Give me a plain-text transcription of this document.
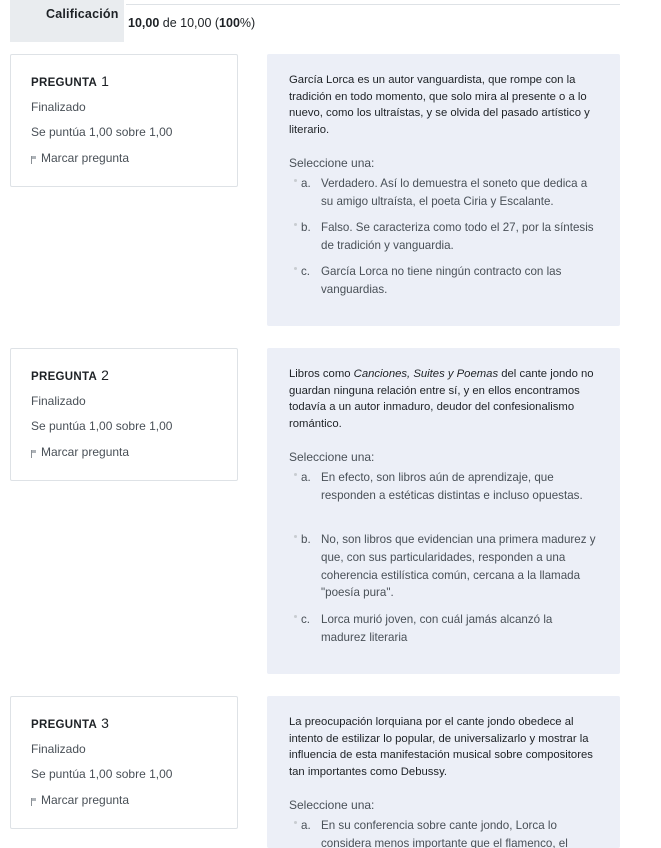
Calificación
10,00 de 10,00 (100%)
PREGUNTA 1
Finalizado
Se puntúa 1,00 sobre 1,00
Marcar pregunta
García Lorca es un autor vanguardista, que rompe con la tradición en todo momento, que solo mira al presente o a lo nuevo, como los ultraístas, y se olvida del pasado artístico y literario.
Seleccione una:
a. Verdadero. Así lo demuestra el soneto que dedica a su amigo ultraísta, el poeta Ciria y Escalante.
b. Falso. Se caracteriza como todo el 27, por la síntesis de tradición y vanguardia.
c. García Lorca no tiene ningún contracto con las vanguardias.
PREGUNTA 2
Finalizado
Se puntúa 1,00 sobre 1,00
Marcar pregunta
Libros como Canciones, Suites y Poemas del cante jondo no guardan ninguna relación entre sí, y en ellos encontramos todavía a un autor inmaduro, deudor del confesionalismo romántico.
Seleccione una:
a. En efecto, son libros aún de aprendizaje, que responden a estéticas distintas e incluso opuestas.
b. No, son libros que evidencian una primera madurez y que, con sus particularidades, responden a una coherencia estilística común, cercana a la llamada "poesía pura".
c. Lorca murió joven, con cuál jamás alcanzó la madurez literaria
PREGUNTA 3
Finalizado
Se puntúa 1,00 sobre 1,00
Marcar pregunta
La preocupación lorquiana por el cante jondo obedece al intento de estilizar lo popular, de universalizarlo y mostrar la influencia de esta manifestación musical sobre compositores tan importantes como Debussy.
Seleccione una:
a. En su conferencia sobre cante jondo, Lorca lo considera menos importante que el flamenco, el
